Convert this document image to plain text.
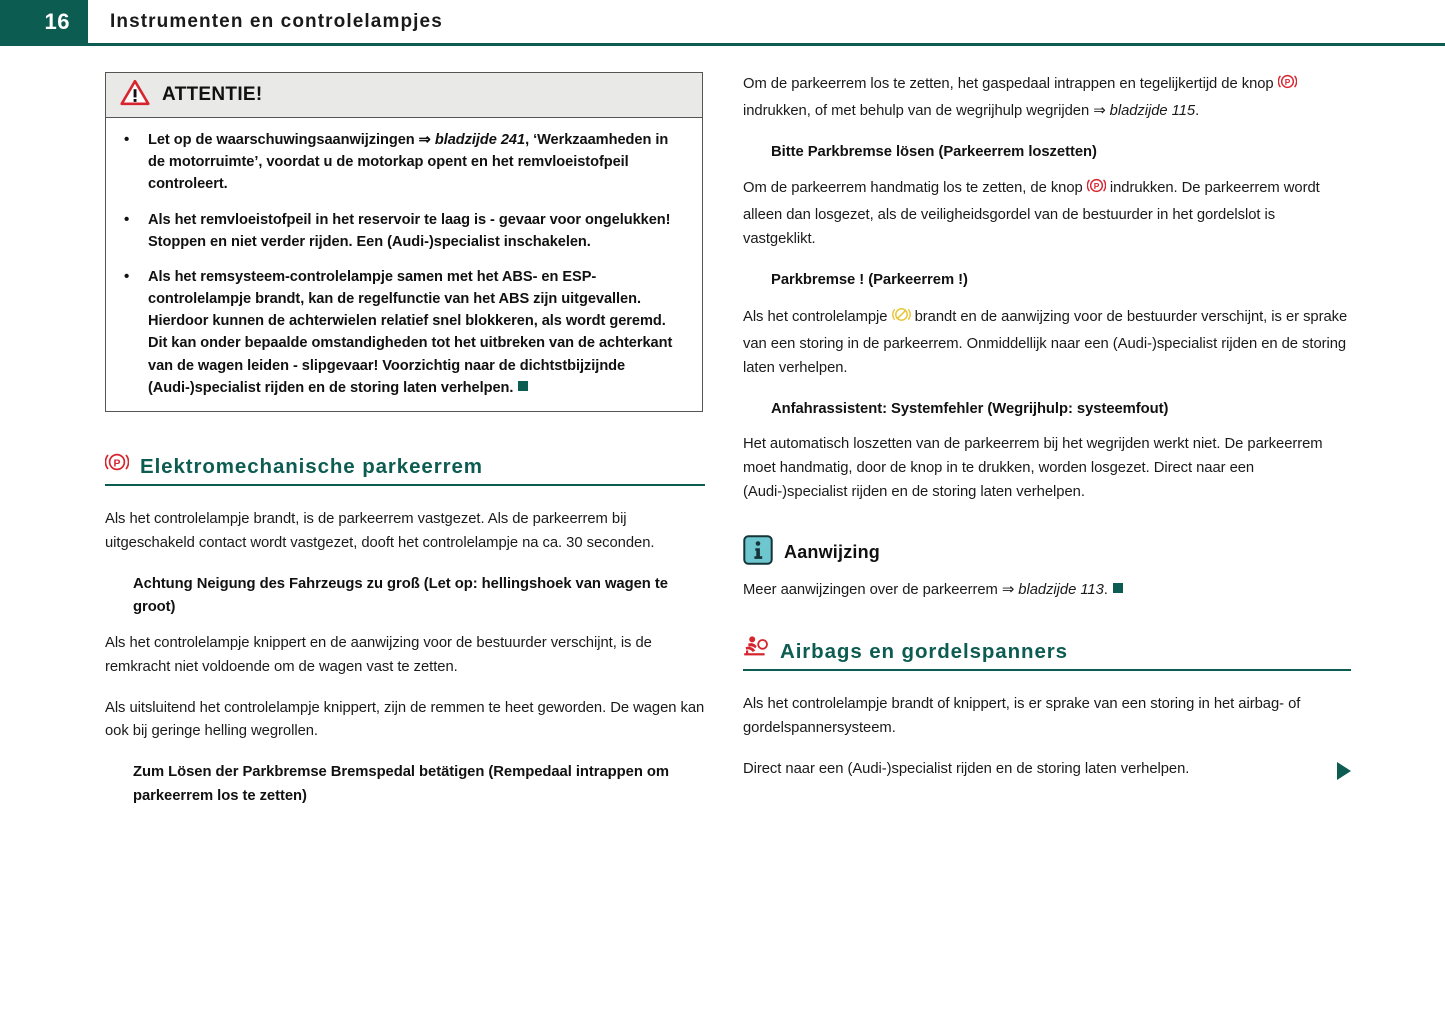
16	Instrumenten en controlelampjes
ATTENTIE!
• Let op de waarschuwingsaanwijzingen ⇒ bladzijde 241, ‘Werkzaamheden in de motorruimte’, voordat u de motorkap opent en het remvloeistofpeil controleert.
• Als het remvloeistofpeil in het reservoir te laag is - gevaar voor ongelukken! Stoppen en niet verder rijden. Een (Audi-)specialist inschakelen.
• Als het remsysteem-controlelampje samen met het ABS- en ESP-controlelampje brandt, kan de regelfunctie van het ABS zijn uitgevallen. Hierdoor kunnen de achterwielen relatief snel blokkeren, als wordt geremd. Dit kan onder bepaalde omstandigheden tot het uitbreken van de achterkant van de wagen leiden - slipgevaar! Voorzichtig naar de dichtstbijzijnde (Audi-)specialist rijden en de storing laten verhelpen.
P Elektromechanische parkeerrem

Als het controlelampje brandt, is de parkeerrem vastgezet. Als de parkeerrem bij uitgeschakeld contact wordt vastgezet, dooft het controlelampje na ca. 30 seconden.

Achtung Neigung des Fahrzeugs zu groß (Let op: hellingshoek van wagen te groot)

Als het controlelampje knippert en de aanwijzing voor de bestuurder verschijnt, is de remkracht niet voldoende om de wagen vast te zetten.

Als uitsluitend het controlelampje knippert, zijn de remmen te heet geworden. De wagen kan ook bij geringe helling wegrollen.

Zum Lösen der Parkbremse Bremspedal betätigen (Rempedaal intrappen om parkeerrem los te zetten)

Om de parkeerrem los te zetten, het gaspedaal intrappen en tegelijkertijd de knop P
indrukken, of met behulp van de wegrijhulp wegrijden ⇒ bladzijde 115.

Bitte Parkbremse lösen (Parkeerrem loszetten)

Om de parkeerrem handmatig los te zetten, de knop P indrukken. De parkeerrem wordt alleen dan losgezet, als de veiligheidsgordel van de bestuurder in het gordelslot is vastgeklikt.

Parkbremse ! (Parkeerrem !)

Als het controlelampje  brandt en de aanwijzing voor de bestuurder verschijnt, is er sprake van een storing in de parkeerrem. Onmiddellijk naar een (Audi-)specialist rijden en de storing laten verhelpen.

Anfahrassistent: Systemfehler (Wegrijhulp: systeemfout)

Het automatisch loszetten van de parkeerrem bij het wegrijden werkt niet. De parkeerrem moet handmatig, door de knop in te drukken, worden losgezet. Direct naar een (Audi-)specialist rijden en de storing laten verhelpen.

Aanwijzing

Meer aanwijzingen over de parkeerrem ⇒ bladzijde 113.

Airbags en gordelspanners

Als het controlelampje brandt of knippert, is er sprake van een storing in het airbag- of gordelspannersysteem.

Direct naar een (Audi-)specialist rijden en de storing laten verhelpen.
